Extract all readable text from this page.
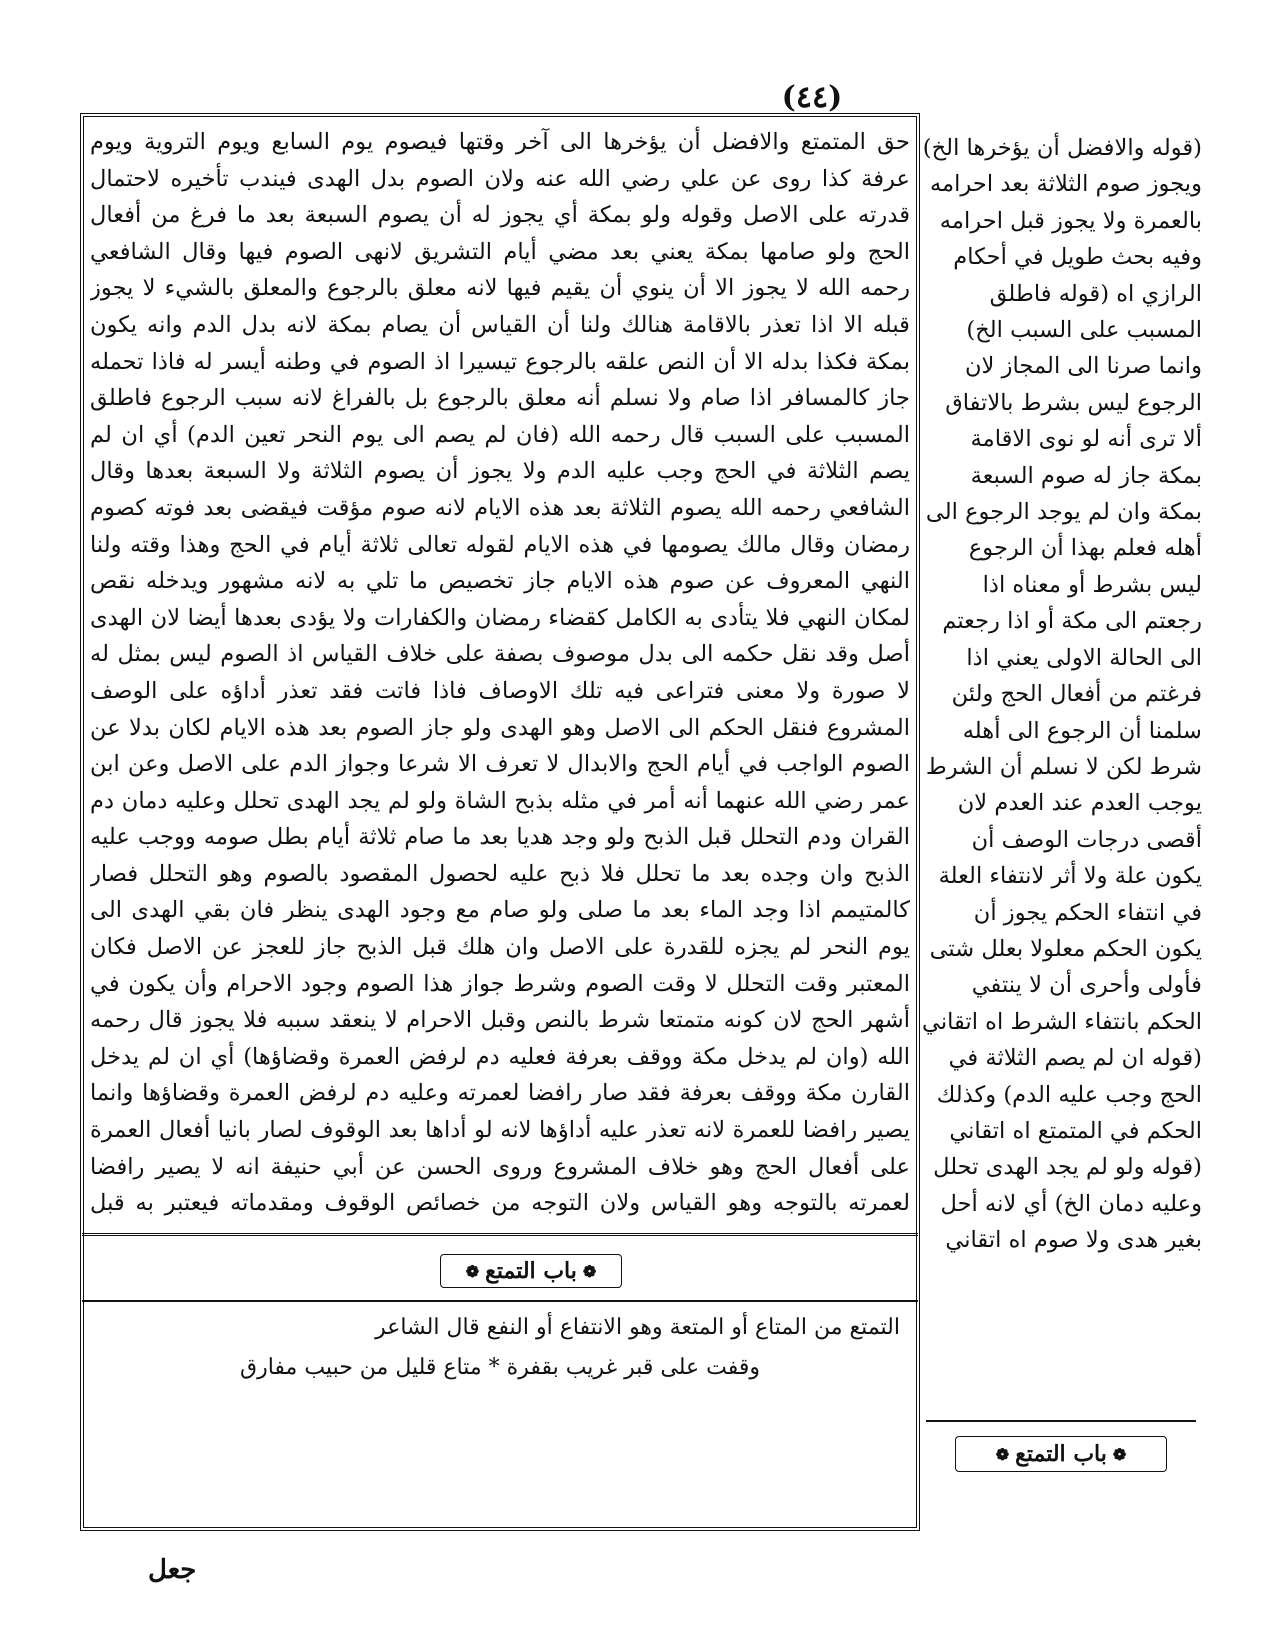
(٤٤)

حق المتمتع والافضل أن يؤخرها الى آخر وقتها فيصوم يوم السابع ويوم التروية ويوم عرفة كذا روى عن علي رضي الله عنه ولان الصوم بدل الهدى فيندب تأخيره لاحتمال قدرته على الاصل وقوله ولو بمكة أي يجوز له أن يصوم السبعة بعد ما فرغ من أفعال الحج ولو صامها بمكة يعني بعد مضي أيام التشريق لانهى الصوم فيها وقال الشافعي رحمه الله لا يجوز الا أن ينوي أن يقيم فيها لانه معلق بالرجوع والمعلق بالشيء لا يجوز قبله الا اذا تعذر بالاقامة هنالك ولنا أن القياس أن يصام بمكة لانه بدل الدم وانه يكون بمكة فكذا بدله الا أن النص علقه بالرجوع تيسيرا اذ الصوم في وطنه أيسر له فاذا تحمله جاز كالمسافر اذا صام ولا نسلم أنه معلق بالرجوع بل بالفراغ لانه سبب الرجوع فاطلق المسبب على السبب قال رحمه الله (فان لم يصم الى يوم النحر تعين الدم) أي ان لم يصم الثلاثة في الحج وجب عليه الدم ولا يجوز أن يصوم الثلاثة ولا السبعة بعدها وقال الشافعي رحمه الله يصوم الثلاثة بعد هذه الايام لانه صوم مؤقت فيقضى بعد فوته كصوم رمضان وقال مالك يصومها في هذه الايام لقوله تعالى ثلاثة أيام في الحج وهذا وقته ولنا النهي المعروف عن صوم هذه الايام جاز تخصيص ما تلي به لانه مشهور ويدخله نقص لمكان النهي فلا يتأدى به الكامل كقضاء رمضان والكفارات ولا يؤدى بعدها أيضا لان الهدى أصل وقد نقل حكمه الى بدل موصوف بصفة على خلاف القياس اذ الصوم ليس بمثل له لا صورة ولا معنى فتراعى فيه تلك الاوصاف فاذا فاتت فقد تعذر أداؤه على الوصف المشروع فنقل الحكم الى الاصل وهو الهدى ولو جاز الصوم بعد هذه الايام لكان بدلا عن الصوم الواجب في أيام الحج والابدال لا تعرف الا شرعا وجواز الدم على الاصل وعن ابن عمر رضي الله عنهما أنه أمر في مثله بذبح الشاة ولو لم يجد الهدى تحلل وعليه دمان دم القران ودم التحلل قبل الذبح ولو وجد هديا بعد ما صام ثلاثة أيام بطل صومه ووجب عليه الذبح وان وجده بعد ما تحلل فلا ذبح عليه لحصول المقصود بالصوم وهو التحلل فصار كالمتيمم اذا وجد الماء بعد ما صلى ولو صام مع وجود الهدى ينظر فان بقي الهدى الى يوم النحر لم يجزه للقدرة على الاصل وان هلك قبل الذبح جاز للعجز عن الاصل فكان المعتبر وقت التحلل لا وقت الصوم وشرط جواز هذا الصوم وجود الاحرام وأن يكون في أشهر الحج لان كونه متمتعا شرط بالنص وقبل الاحرام لا ينعقد سببه فلا يجوز قال رحمه الله (وان لم يدخل مكة ووقف بعرفة فعليه دم لرفض العمرة وقضاؤها) أي ان لم يدخل القارن مكة ووقف بعرفة فقد صار رافضا لعمرته وعليه دم لرفض العمرة وقضاؤها وانما يصير رافضا للعمرة لانه تعذر عليه أداؤها لانه لو أداها بعد الوقوف لصار بانيا أفعال العمرة على أفعال الحج وهو خلاف المشروع وروى الحسن عن أبي حنيفة انه لا يصير رافضا لعمرته بالتوجه وهو القياس ولان التوجه من خصائص الوقوف ومقدماته فيعتبر به قبل

❁
باب التمتع
❁
التمتع من المتاع أو المتعة وهو الانتفاع أو النفع قال الشاعر
وقفت على قبر غريب بقفرة * متاع قليل من حبيب مفارق
جعل

(قوله والافضل أن يؤخرها الخ) ويجوز صوم الثلاثة بعد احرامه بالعمرة ولا يجوز قبل احرامه وفيه بحث طويل في أحكام الرازي اه (قوله فاطلق المسبب على السبب الخ) وانما صرنا الى المجاز لان الرجوع ليس بشرط بالاتفاق ألا ترى أنه لو نوى الاقامة بمكة جاز له صوم السبعة بمكة وان لم يوجد الرجوع الى أهله فعلم بهذا أن الرجوع ليس بشرط أو معناه اذا رجعتم الى مكة أو اذا رجعتم الى الحالة الاولى يعني اذا فرغتم من أفعال الحج ولئن سلمنا أن الرجوع الى أهله شرط لكن لا نسلم أن الشرط يوجب العدم عند العدم لان أقصى درجات الوصف أن يكون علة ولا أثر لانتفاء العلة في انتفاء الحكم يجوز أن يكون الحكم معلولا بعلل شتى فأولى وأحرى أن لا ينتفي الحكم بانتفاء الشرط اه اتقاني (قوله ان لم يصم الثلاثة في الحج وجب عليه الدم) وكذلك الحكم في المتمتع اه اتقاني (قوله ولو لم يجد الهدى تحلل وعليه دمان الخ) أي لانه أحل بغير هدى ولا صوم اه اتقاني

❁
باب التمتع
❁
